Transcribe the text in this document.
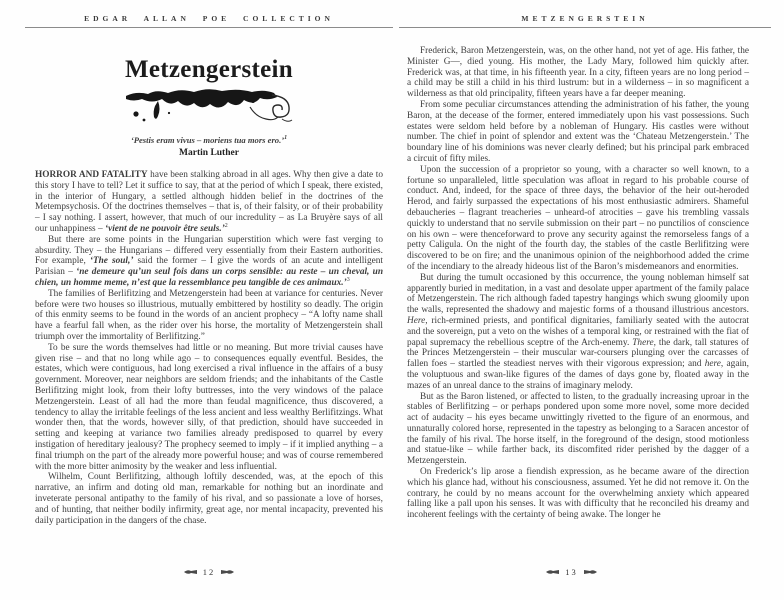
EDGAR ALLAN POE COLLECTION
Metzengerstein
‘Pestis eram vivus – moriens tua mors ero.’$^1$
Martin Luther

HORROR AND FATALITY have been stalking abroad in all ages. Why then give a date to this story I have to tell? Let it suffice to say, that at the period of which I speak, there existed, in the interior of Hungary, a settled although hidden belief in the doctrines of the Metempsychosis. Of the doctrines themselves – that is, of their falsity, or of their probability – I say nothing. I assert, however, that much of our incredulity – as La Bruyère says of all our unhappiness – ‘vient de ne pouvoir être seuls.’$^2$

But there are some points in the Hungarian superstition which were fast verging to absurdity. They – the Hungarians – differed very essentially from their Eastern authorities. For example, ‘The soul,’ said the former – I give the words of an acute and intelligent Parisian – ‘ne demeure qu’un seul fois dans un corps sensible: au reste – un cheval, un chien, un homme meme, n’est que la ressemblance peu tangible de ces animaux.’$^3$

The families of Berlifitzing and Metzengerstein had been at variance for centuries. Never before were two houses so illustrious, mutually embittered by hostility so deadly. The origin of this enmity seems to be found in the words of an ancient prophecy – “A lofty name shall have a fearful fall when, as the rider over his horse, the mortality of Metzengerstein shall triumph over the immortality of Berlifitzing.”

To be sure the words themselves had little or no meaning. But more trivial causes have given rise – and that no long while ago – to consequences equally eventful. Besides, the estates, which were contiguous, had long exercised a rival influence in the affairs of a busy government. Moreover, near neighbors are seldom friends; and the inhabitants of the Castle Berlifitzing might look, from their lofty buttresses, into the very windows of the palace Metzengerstein. Least of all had the more than feudal magnificence, thus discovered, a tendency to allay the irritable feelings of the less ancient and less wealthy Berlifitzings. What wonder then, that the words, however silly, of that prediction, should have succeeded in setting and keeping at variance two families already predisposed to quarrel by every instigation of hereditary jealousy? The prophecy seemed to imply – if it implied anything – a final triumph on the part of the already more powerful house; and was of course remembered with the more bitter animosity by the weaker and less influential.

Wilhelm, Count Berlifitzing, although loftily descended, was, at the epoch of this narrative, an infirm and doting old man, remarkable for nothing but an inordinate and inveterate personal antipathy to the family of his rival, and so passionate a love of horses, and of hunting, that neither bodily infirmity, great age, nor mental incapacity, prevented his daily participation in the dangers of the chase.

METZENGERSTEIN

Frederick, Baron Metzengerstein, was, on the other hand, not yet of age. His father, the Minister G—, died young. His mother, the Lady Mary, followed him quickly after. Frederick was, at that time, in his fifteenth year. In a city, fifteen years are no long period – a child may be still a child in his third lustrum: but in a wilderness – in so magnificent a wilderness as that old principality, fifteen years have a far deeper meaning.

From some peculiar circumstances attending the administration of his father, the young Baron, at the decease of the former, entered immediately upon his vast possessions. Such estates were seldom held before by a nobleman of Hungary. His castles were without number. The chief in point of splendor and extent was the ‘Chateau Metzengerstein.’ The boundary line of his dominions was never clearly defined; but his principal park embraced a circuit of fifty miles.

Upon the succession of a proprietor so young, with a character so well known, to a fortune so unparalleled, little speculation was afloat in regard to his probable course of conduct. And, indeed, for the space of three days, the behavior of the heir out-heroded Herod, and fairly surpassed the expectations of his most enthusiastic admirers. Shameful debaucheries – flagrant treacheries – unheard-of atrocities – gave his trembling vassals quickly to understand that no servile submission on their part – no punctilios of conscience on his own – were thenceforward to prove any security against the remorseless fangs of a petty Caligula. On the night of the fourth day, the stables of the castle Berlifitzing were discovered to be on fire; and the unanimous opinion of the neighborhood added the crime of the incendiary to the already hideous list of the Baron’s misdemeanors and enormities.

But during the tumult occasioned by this occurrence, the young nobleman himself sat apparently buried in meditation, in a vast and desolate upper apartment of the family palace of Metzengerstein. The rich although faded tapestry hangings which swung gloomily upon the walls, represented the shadowy and majestic forms of a thousand illustrious ancestors. Here, rich-ermined priests, and pontifical dignitaries, familiarly seated with the autocrat and the sovereign, put a veto on the wishes of a temporal king, or restrained with the fiat of papal supremacy the rebellious sceptre of the Arch-enemy. There, the dark, tall statures of the Princes Metzengerstein – their muscular war-coursers plunging over the carcasses of fallen foes – startled the steadiest nerves with their vigorous expression; and here, again, the voluptuous and swan-like figures of the dames of days gone by, floated away in the mazes of an unreal dance to the strains of imaginary melody.

But as the Baron listened, or affected to listen, to the gradually increasing uproar in the stables of Berlifitzing – or perhaps pondered upon some more novel, some more decided act of audacity – his eyes became unwittingly rivetted to the figure of an enormous, and unnaturally colored horse, represented in the tapestry as belonging to a Saracen ancestor of the family of his rival. The horse itself, in the foreground of the design, stood motionless and statue-like – while farther back, its discomfited rider perished by the dagger of a Metzengerstein.

On Frederick’s lip arose a fiendish expression, as he became aware of the direction which his glance had, without his consciousness, assumed. Yet he did not remove it. On the contrary, he could by no means account for the overwhelming anxiety which appeared falling like a pall upon his senses. It was with difficulty that he reconciled his dreamy and incoherent feelings with the certainty of being awake. The longer he

12	13
